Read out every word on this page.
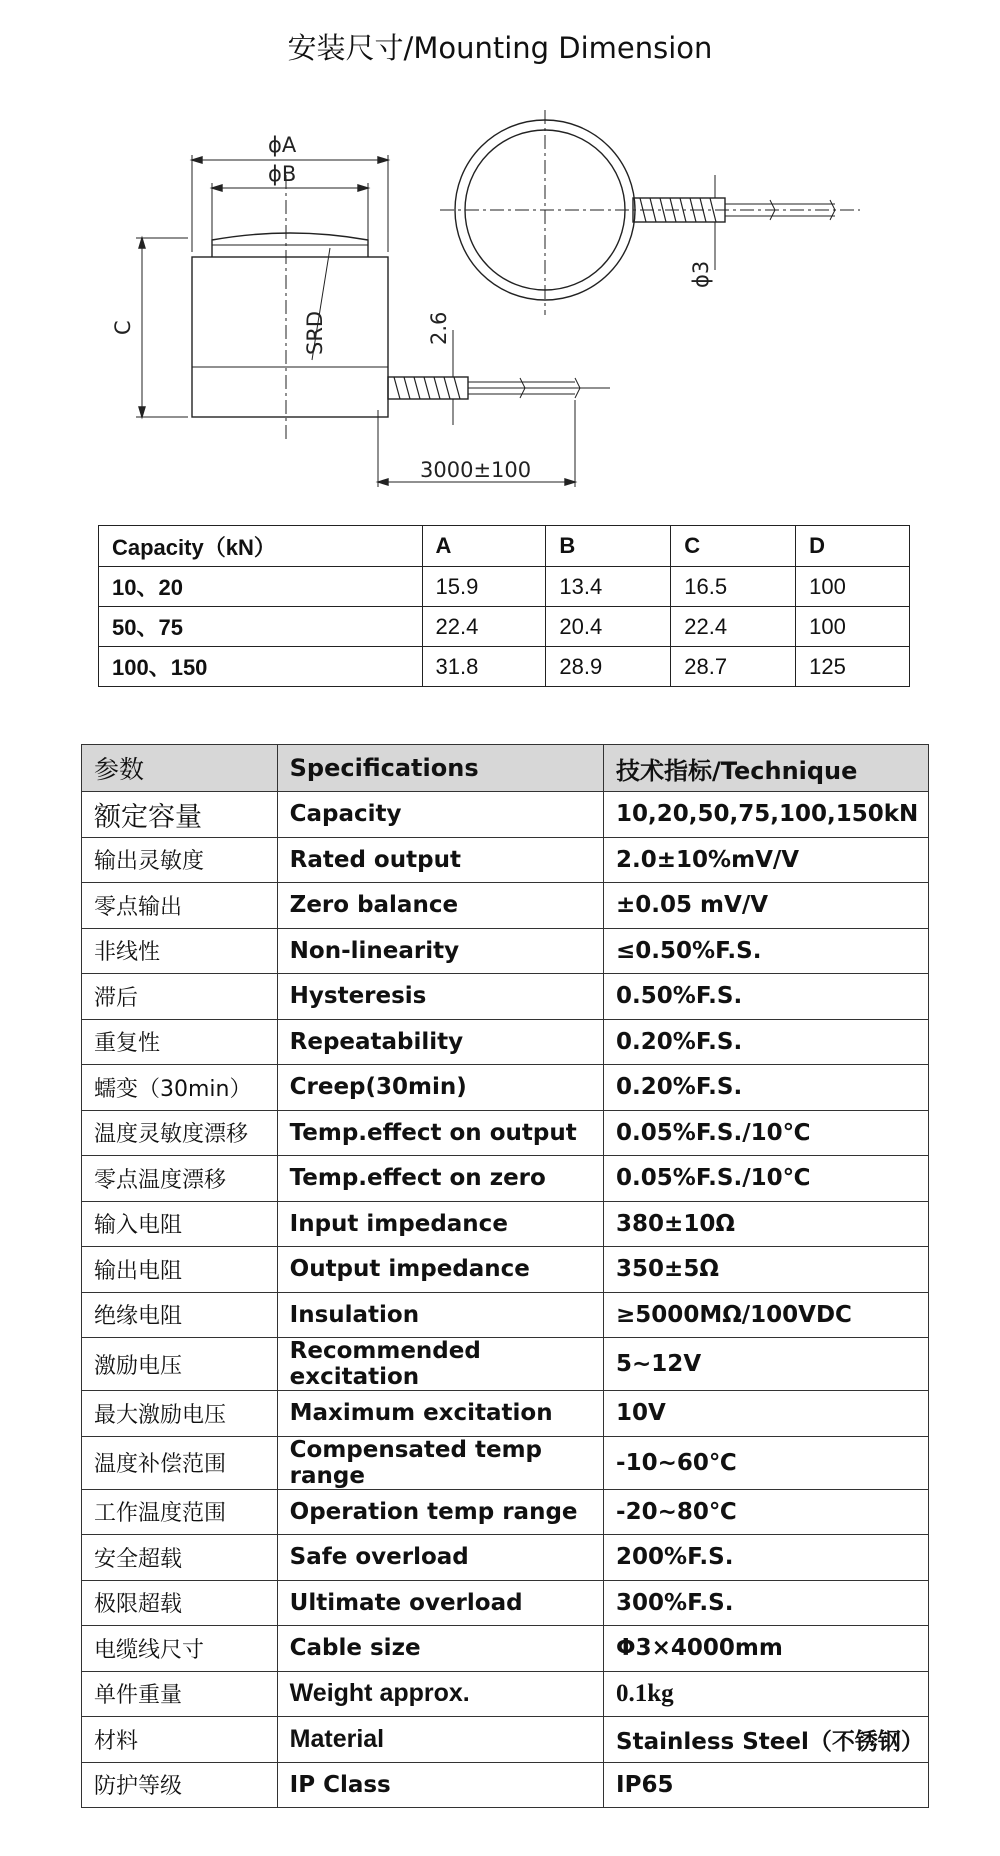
安装尺寸/Mounting Dimension
ϕA
ϕB
C	SRD	2.6
ϕ3
3000±100
Capacity（kN）	A	B	C	D
10、20	15.9	13.4	16.5	100
50、75	22.4	20.4	22.4	100
100、150	31.8	28.9	28.7	125
参数	Specifications	技术指标/Technique
额定容量	Capacity	10,20,50,75,100,150kN
输出灵敏度	Rated output	2.0±10%mV/V
零点输出	Zero balance	±0.05 mV/V
非线性	Non-linearity	≤0.50%F.S.
滞后	Hysteresis	0.50%F.S.
重复性	Repeatability	0.20%F.S.
蠕变（30min）	Creep(30min)	0.20%F.S.
温度灵敏度漂移	Temp.effect on output	0.05%F.S./10℃
零点温度漂移	Temp.effect on zero	0.05%F.S./10℃
输入电阻	Input impedance	380±10Ω
输出电阻	Output impedance	350±5Ω
绝缘电阻	Insulation	≥5000MΩ/100VDC
激励电压	Recommended excitation	5~12V
最大激励电压	Maximum excitation	10V
温度补偿范围	Compensated temp range	-10~60℃
工作温度范围	Operation temp range	-20~80℃
安全超载	Safe overload	200%F.S.
极限超载	Ultimate overload	300%F.S.
电缆线尺寸	Cable size	Φ3×4000mm
单件重量	Weight approx.	0.1kg
材料	Material	Stainless Steel（不锈钢）
防护等级	IP Class	IP65
